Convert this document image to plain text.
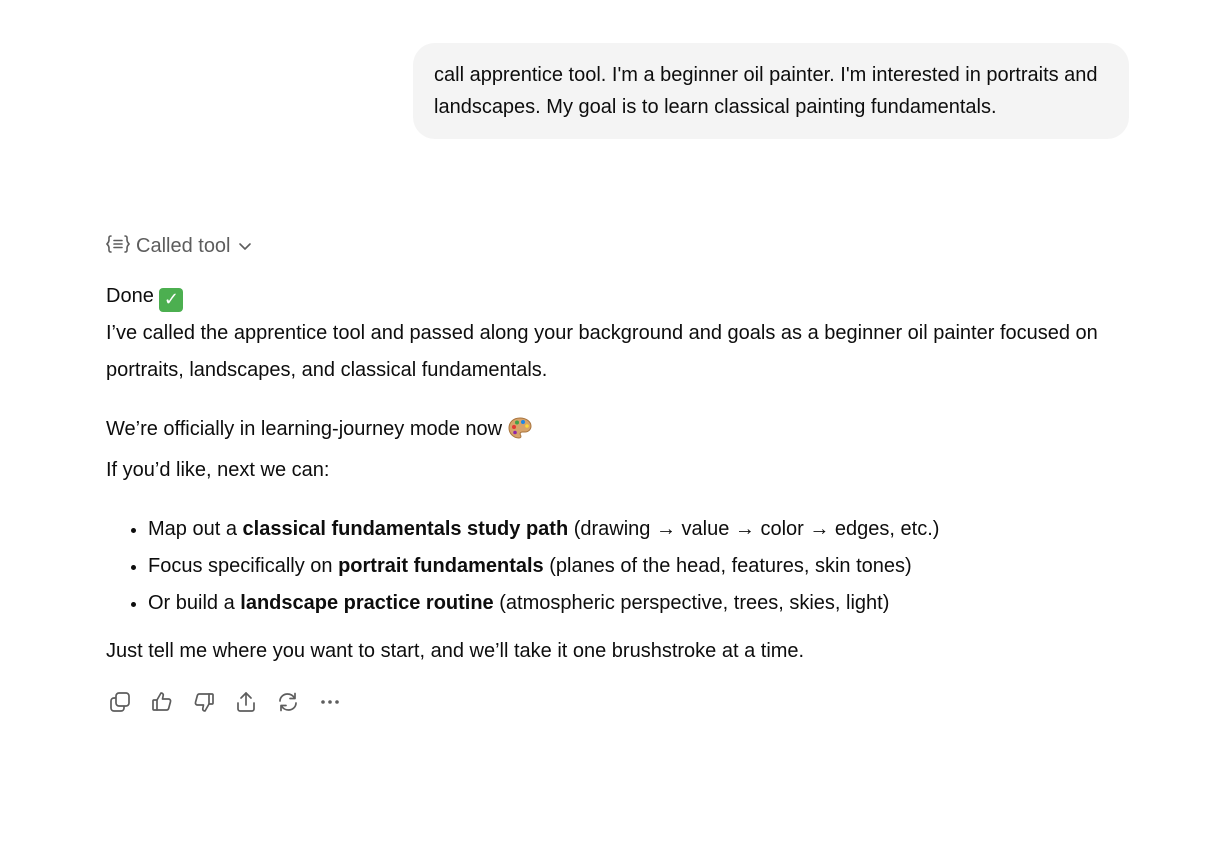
call apprentice tool. I'm a beginner oil painter. I'm interested in portraits and landscapes. My goal is to learn classical painting fundamentals.
Called tool

Done ✓

I’ve called the apprentice tool and passed along your background and goals as a beginner oil painter focused on portraits, landscapes, and classical fundamentals.

We’re officially in learning-journey mode now

If you’d like, next we can:

• Map out a classical fundamentals study path (drawing → value → color → edges, etc.)
• Focus specifically on portrait fundamentals (planes of the head, features, skin tones)
• Or build a landscape practice routine (atmospheric perspective, trees, skies, light)

Just tell me where you want to start, and we’ll take it one brushstroke at a time.
